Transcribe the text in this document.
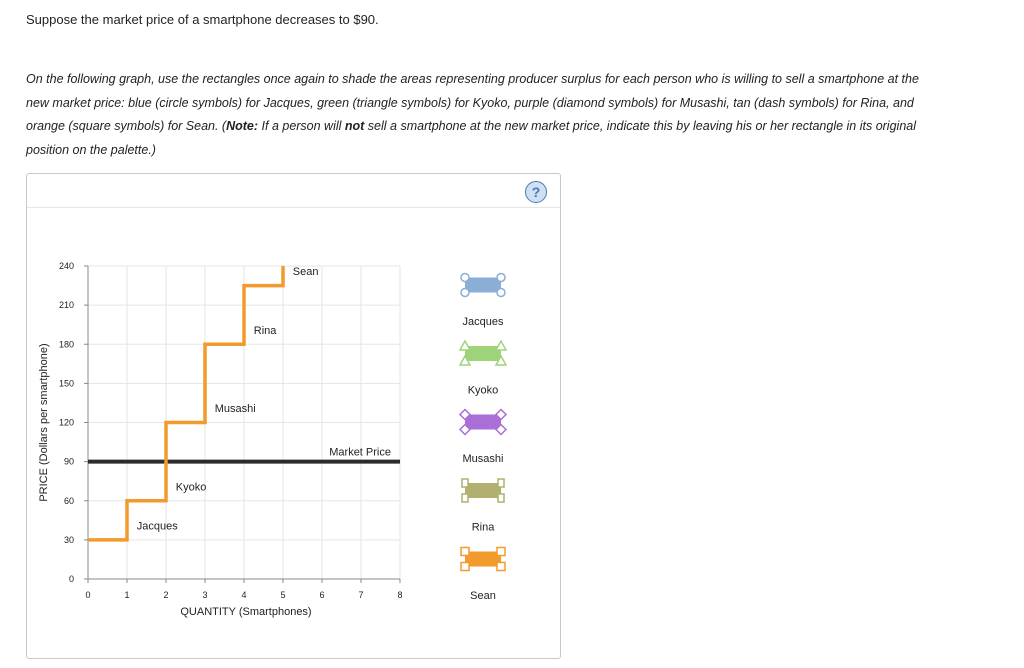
Suppose the market price of a smartphone decreases to $90.
On the following graph, use the rectangles once again to shade the areas representing producer surplus for each person who is willing to sell a smartphone at the new market price: blue (circle symbols) for Jacques, green (triangle symbols) for Kyoko, purple (diamond symbols) for Musashi, tan (dash symbols) for Rina, and orange (square symbols) for Sean. (Note: If a person will not sell a smartphone at the new market price, indicate this by leaving his or her rectangle in its original position on the palette.)
?
0	1	2	3	4	5	6	7	8
0
30
60
90
120
150
180
210
240
QUANTITY (Smartphones)
PRICE (Dollars per smartphone)	Market Price
Jacques
Kyoko
Musashi
Rina
Sean
Jacques
Kyoko
Musashi
Rina
Sean
